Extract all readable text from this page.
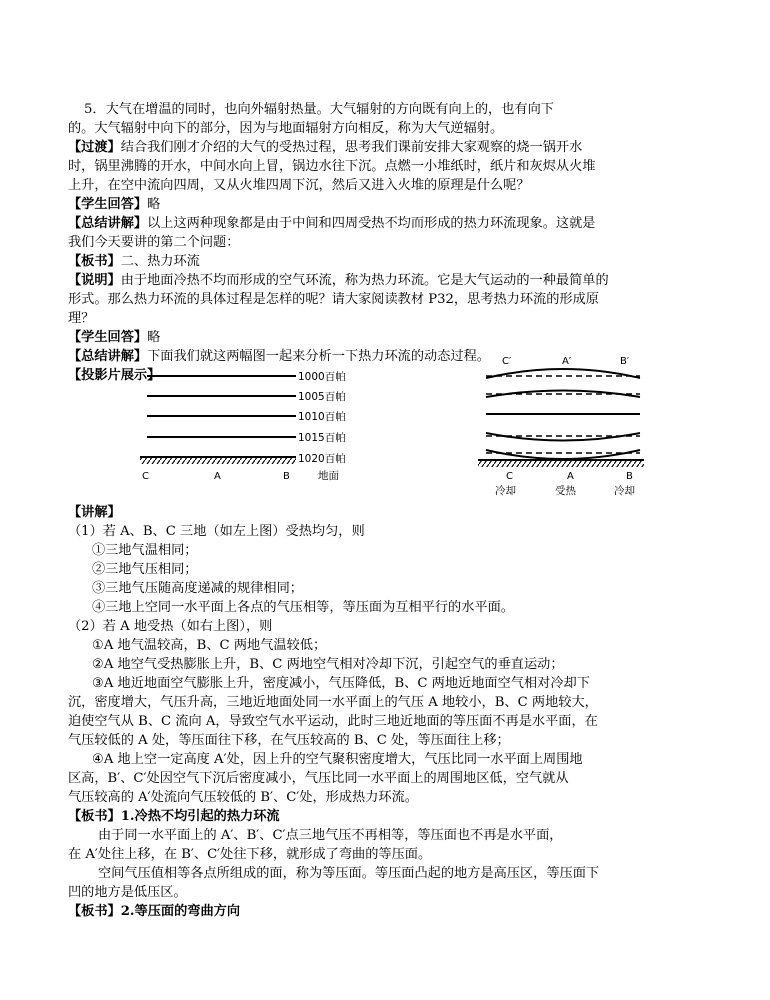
5．大气在增温的同时，也向外辐射热量。大气辐射的方向既有向上的，也有向下
的。大气辐射中向下的部分，因为与地面辐射方向相反，称为大气逆辐射。
【过渡】结合我们刚才介绍的大气的受热过程，思考我们课前安排大家观察的烧一锅开水
时，锅里沸腾的开水，中间水向上冒，锅边水往下沉。点燃一小堆纸时，纸片和灰烬从火堆
上升，在空中流向四周，又从火堆四周下沉，然后又进入火堆的原理是什么呢？
【学生回答】略
【总结讲解】以上这两种现象都是由于中间和四周受热不均而形成的热力环流现象。这就是
我们今天要讲的第二个问题：
【板书】二、热力环流
【说明】由于地面冷热不均而形成的空气环流，称为热力环流。它是大气运动的一种最简单的
形式。那么热力环流的具体过程是怎样的呢？请大家阅读教材 P32，思考热力环流的形成原
理？
【学生回答】略
【总结讲解】下面我们就这两幅图一起来分析一下热力环流的动态过程。
【投影片展示】
【讲解】
（1）若 A、B、C 三地（如左上图）受热均匀，则
①三地气温相同；
②三地气压相同；
③三地气压随高度递减的规律相同；
④三地上空同一水平面上各点的气压相等，等压面为互相平行的水平面。
（2）若 A 地受热（如右上图），则
①A 地气温较高，B、C 两地气温较低；
②A 地空气受热膨胀上升，B、C 两地空气相对冷却下沉，引起空气的垂直运动；
③A 地近地面空气膨胀上升，密度减小，气压降低，B、C 两地近地面空气相对冷却下
沉，密度增大，气压升高，三地近地面处同一水平面上的气压 A 地较小，B、C 两地较大，
迫使空气从 B、C 流向 A，导致空气水平运动，此时三地近地面的等压面不再是水平面，在
气压较低的 A 处，等压面往下移，在气压较高的 B、C 处，等压面往上移；
④A 地上空一定高度 A′处，因上升的空气聚积密度增大，气压比同一水平面上周围地
区高，B′、C′处因空气下沉后密度减小，气压比同一水平面上的周围地区低，空气就从
气压较高的 A′处流向气压较低的 B′、C′处，形成热力环流。
【板书】1.冷热不均引起的热力环流
由于同一水平面上的 A′、B′、C′点三地气压不再相等，等压面也不再是水平面，
在 A′处往上移，在 B′、C′处往下移，就形成了弯曲的等压面。
空间气压值相等各点所组成的面，称为等压面。等压面凸起的地方是高压区，等压面下
凹的地方是低压区。
【板书】2.等压面的弯曲方向
1000百帕
1005百帕
1010百帕
1015百帕
1020百帕
C	A	B	地面
C′	A′	B′
C	A	B
冷却	受热	冷却
